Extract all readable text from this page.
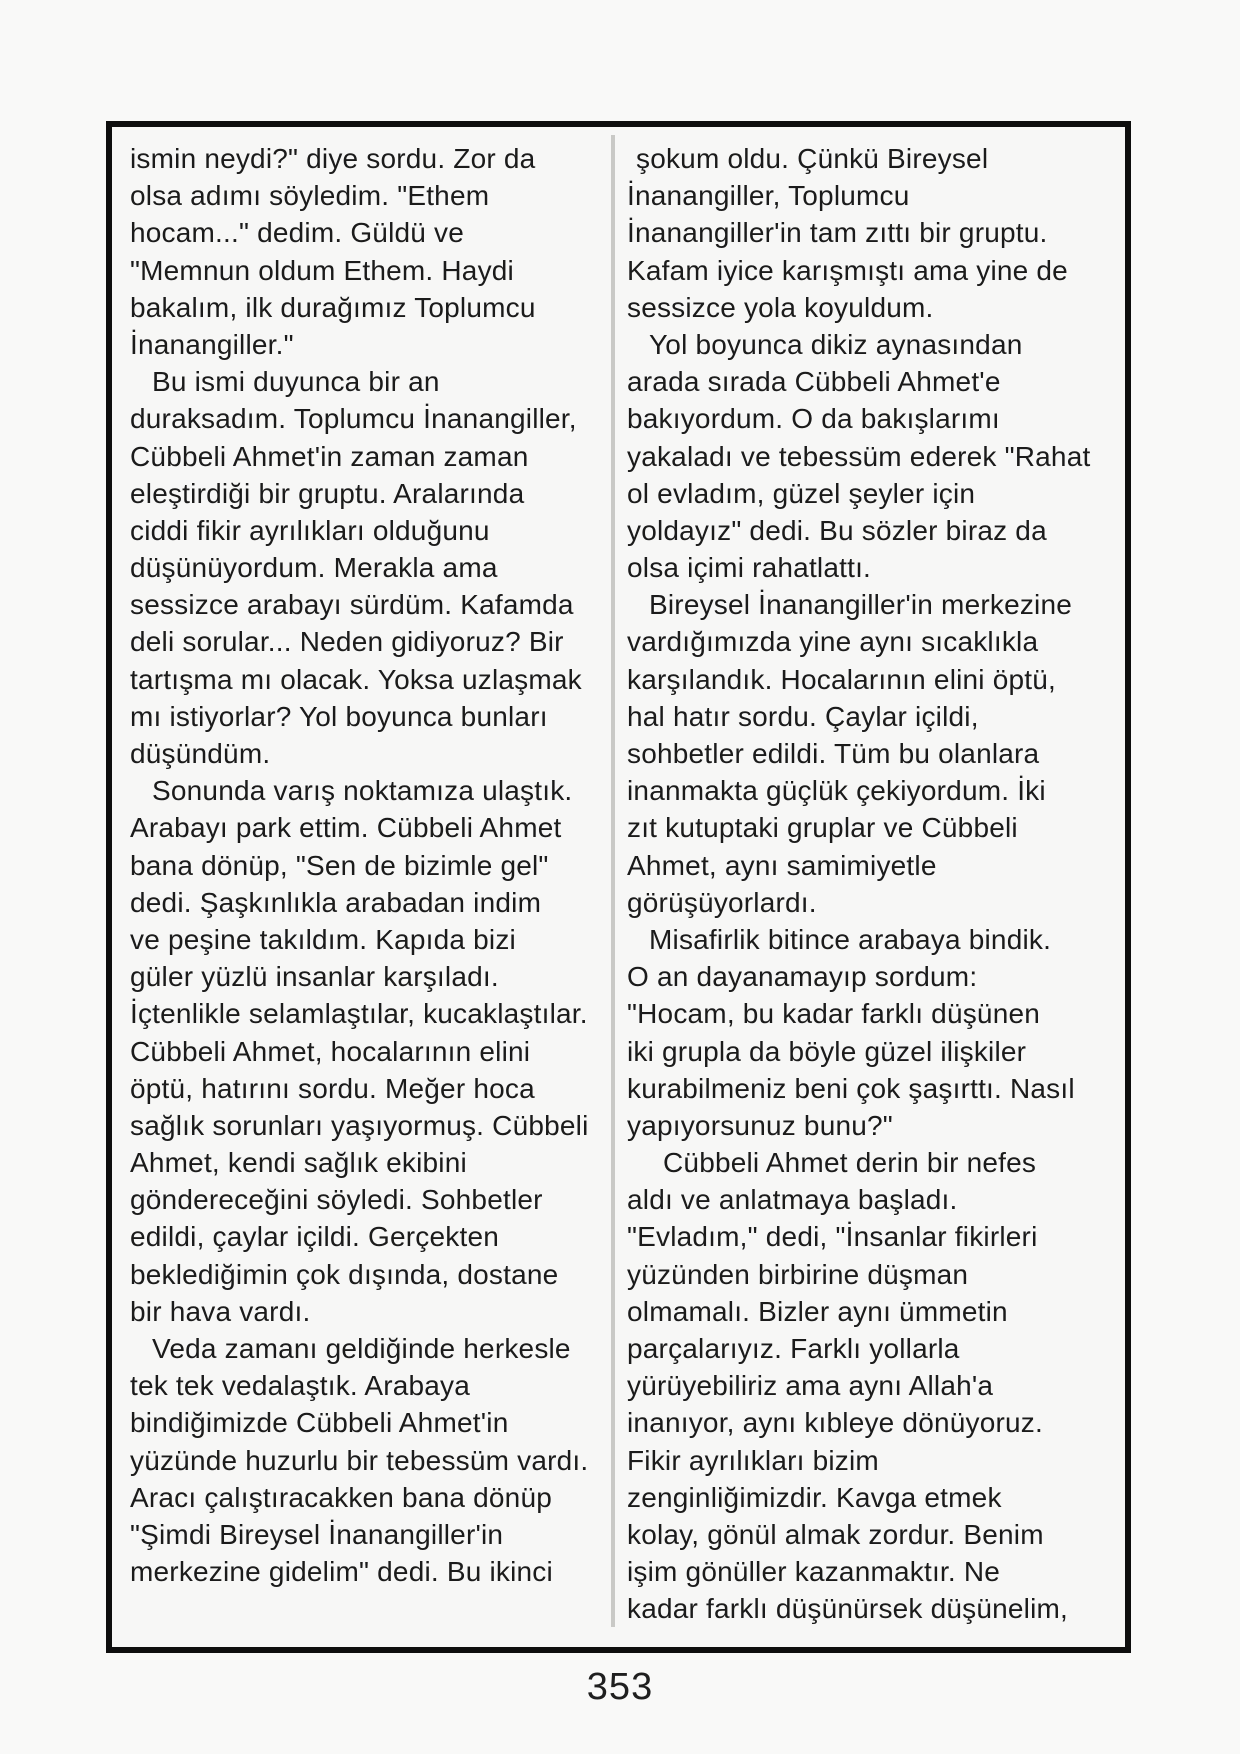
ismin neydi?" diye sordu. Zor da
olsa adımı söyledim. "Ethem
hocam..." dedim. Güldü ve
"Memnun oldum Ethem. Haydi
bakalım, ilk durağımız Toplumcu
İnanangiller."
Bu ismi duyunca bir an
duraksadım. Toplumcu İnanangiller,
Cübbeli Ahmet'in zaman zaman
eleştirdiği bir gruptu. Aralarında
ciddi fikir ayrılıkları olduğunu
düşünüyordum. Merakla ama
sessizce arabayı sürdüm. Kafamda
deli sorular... Neden gidiyoruz? Bir
tartışma mı olacak. Yoksa uzlaşmak
mı istiyorlar? Yol boyunca bunları
düşündüm.
Sonunda varış noktamıza ulaştık.
Arabayı park ettim. Cübbeli Ahmet
bana dönüp, "Sen de bizimle gel"
dedi. Şaşkınlıkla arabadan indim
ve peşine takıldım. Kapıda bizi
güler yüzlü insanlar karşıladı.
İçtenlikle selamlaştılar, kucaklaştılar.
Cübbeli Ahmet, hocalarının elini
öptü, hatırını sordu. Meğer hoca
sağlık sorunları yaşıyormuş. Cübbeli
Ahmet, kendi sağlık ekibini
göndereceğini söyledi. Sohbetler
edildi, çaylar içildi. Gerçekten
beklediğimin çok dışında, dostane
bir hava vardı.
Veda zamanı geldiğinde herkesle
tek tek vedalaştık. Arabaya
bindiğimizde Cübbeli Ahmet'in
yüzünde huzurlu bir tebessüm vardı.
Aracı çalıştıracakken bana dönüp
"Şimdi Bireysel İnanangiller'in
merkezine gidelim" dedi. Bu ikinci
şokum oldu. Çünkü Bireysel
İnanangiller, Toplumcu
İnanangiller'in tam zıttı bir gruptu.
Kafam iyice karışmıştı ama yine de
sessizce yola koyuldum.
Yol boyunca dikiz aynasından
arada sırada Cübbeli Ahmet'e
bakıyordum. O da bakışlarımı
yakaladı ve tebessüm ederek "Rahat
ol evladım, güzel şeyler için
yoldayız" dedi. Bu sözler biraz da
olsa içimi rahatlattı.
Bireysel İnanangiller'in merkezine
vardığımızda yine aynı sıcaklıkla
karşılandık. Hocalarının elini öptü,
hal hatır sordu. Çaylar içildi,
sohbetler edildi. Tüm bu olanlara
inanmakta güçlük çekiyordum. İki
zıt kutuptaki gruplar ve Cübbeli
Ahmet, aynı samimiyetle
görüşüyorlardı.
Misafirlik bitince arabaya bindik.
O an dayanamayıp sordum:
"Hocam, bu kadar farklı düşünen
iki grupla da böyle güzel ilişkiler
kurabilmeniz beni çok şaşırttı. Nasıl
yapıyorsunuz bunu?"
Cübbeli Ahmet derin bir nefes
aldı ve anlatmaya başladı.
"Evladım," dedi, "İnsanlar fikirleri
yüzünden birbirine düşman
olmamalı. Bizler aynı ümmetin
parçalarıyız. Farklı yollarla
yürüyebiliriz ama aynı Allah'a
inanıyor, aynı kıbleye dönüyoruz.
Fikir ayrılıkları bizim
zenginliğimizdir. Kavga etmek
kolay, gönül almak zordur. Benim
işim gönüller kazanmaktır. Ne
kadar farklı düşünürsek düşünelim,
353
